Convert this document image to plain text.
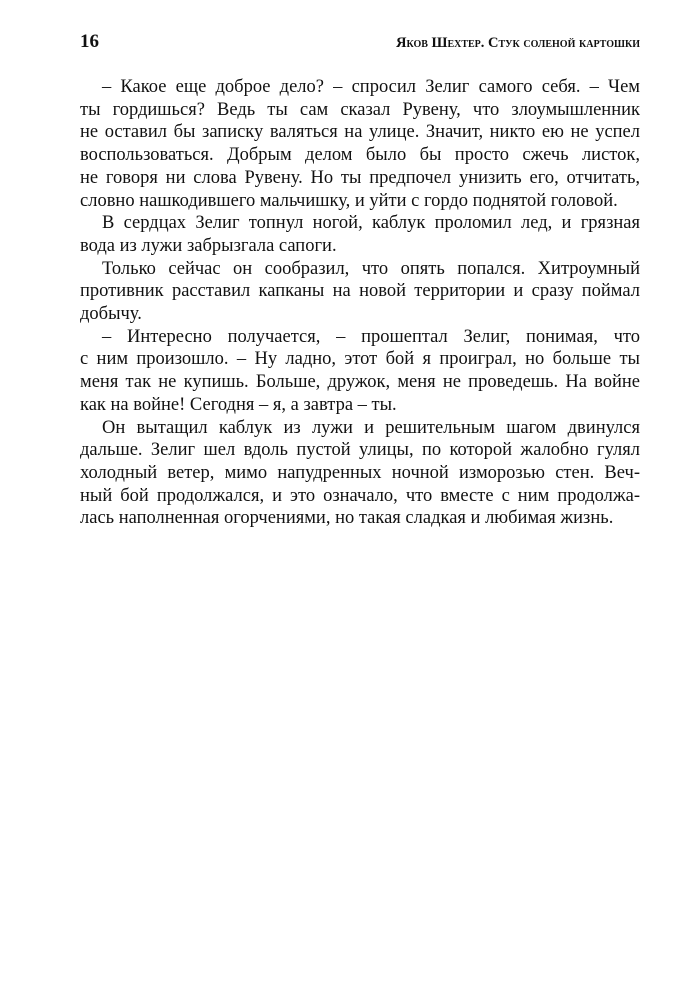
16	Яков Шехтер. Стук соленой картошки

– Какое еще доброе дело? – спросил Зелиг самого себя. – Чем
ты гордишься? Ведь ты сам сказал Рувену, что злоумышленник
не оставил бы записку валяться на улице. Значит, никто ею не успел
воспользоваться. Добрым делом было бы просто сжечь листок,
не говоря ни слова Рувену. Но ты предпочел унизить его, отчитать,
словно нашкодившего мальчишку, и уйти с гордо поднятой головой.

В сердцах Зелиг топнул ногой, каблук проломил лед, и грязная
вода из лужи забрызгала сапоги.

Только сейчас он сообразил, что опять попался. Хитроумный
противник расставил капканы на новой территории и сразу поймал
добычу.

– Интересно получается, – прошептал Зелиг, понимая, что
с ним произошло. – Ну ладно, этот бой я проиграл, но больше ты
меня так не купишь. Больше, дружок, меня не проведешь. На войне
как на войне! Сегодня – я, а завтра – ты.

Он вытащил каблук из лужи и решительным шагом двинулся
дальше. Зелиг шел вдоль пустой улицы, по которой жалобно гулял
холодный ветер, мимо напудренных ночной изморозью стен. Веч-
ный бой продолжался, и это означало, что вместе с ним продолжа-
лась наполненная огорчениями, но такая сладкая и любимая жизнь.
